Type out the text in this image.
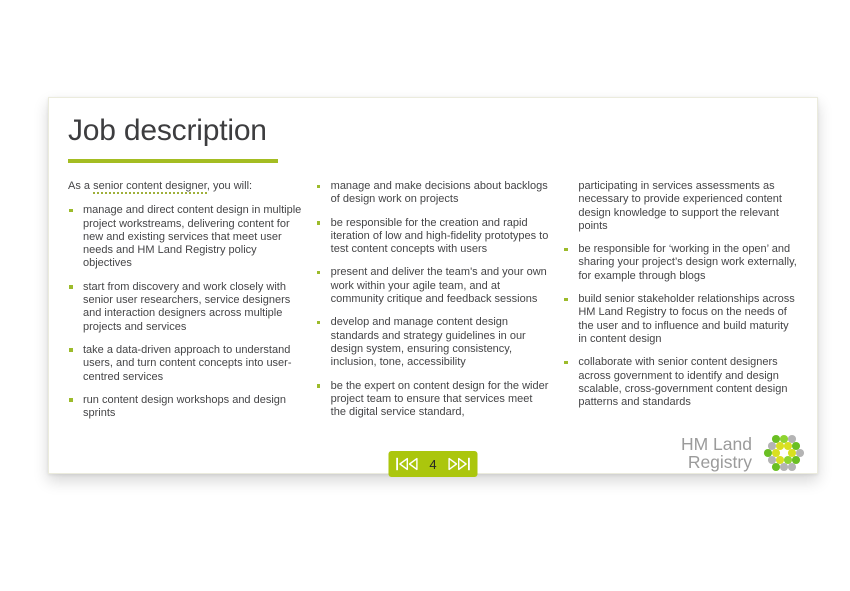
Job description

As a senior content designer, you will:

manage and direct content design in multiple project workstreams, delivering content for new and existing services that meet user needs and HM Land Registry policy objectives
start from discovery and work closely with senior user researchers, service designers and interaction designers across multiple projects and services
take a data-driven approach to understand users, and turn content concepts into user-centred services
run content design workshops and design sprints
manage and make decisions about backlogs of design work on projects
be responsible for the creation and rapid iteration of low and high-fidelity prototypes to test content concepts with users
present and deliver the team's and your own work within your agile team, and at community critique and feedback sessions
develop and manage content design standards and strategy guidelines in our design system, ensuring consistency, inclusion, tone, accessibility
be the expert on content design for the wider project team to ensure that services meet the digital service standard,

participating in services assessments as necessary to provide experienced content design knowledge to support the relevant points

be responsible for ‘working in the open’ and sharing your project’s design work externally, for example through blogs
build senior stakeholder relationships across HM Land Registry to focus on the needs of the user and to influence and build maturity in content design
collaborate with senior content designers across government to identify and design scalable, cross-government content design patterns and standards
4
HM Land
Registry
